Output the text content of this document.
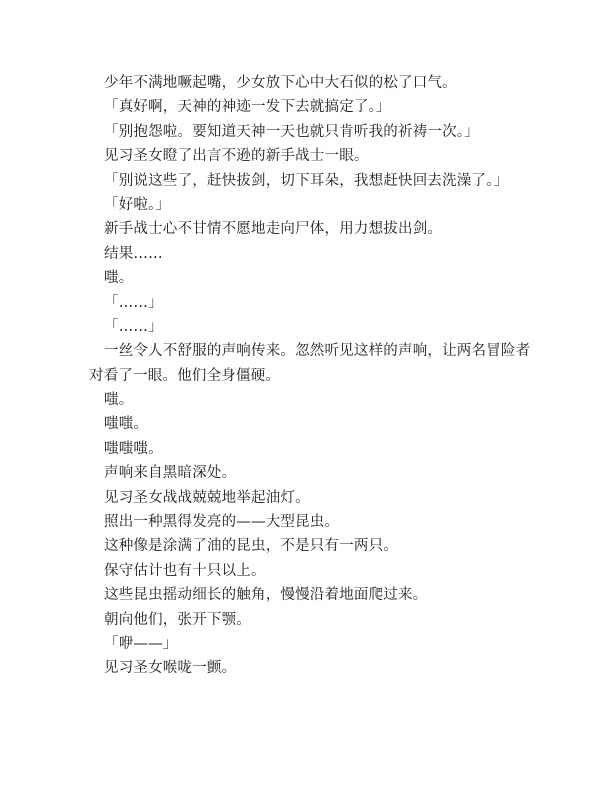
少年不满地噘起嘴，少女放下心中大石似的松了口气。

「真好啊，天神的神迹一发下去就搞定了。」

「别抱怨啦。要知道天神一天也就只肯听我的祈祷一次。」

见习圣女瞪了出言不逊的新手战士一眼。

「别说这些了，赶快拔剑，切下耳朵，我想赶快回去洗澡了。」

「好啦。」

新手战士心不甘情不愿地走向尸体，用力想拔出剑。

结果……

嗤。

「……」

「……」

一丝令人不舒服的声响传来。忽然听见这样的声响，让两名冒险者
对看了一眼。他们全身僵硬。

嗤。

嗤嗤。

嗤嗤嗤。

声响来自黑暗深处。

见习圣女战战兢兢地举起油灯。

照出一种黑得发亮的——大型昆虫。

这种像是涂满了油的昆虫，不是只有一两只。

保守估计也有十只以上。

这些昆虫摇动细长的触角，慢慢沿着地面爬过来。

朝向他们，张开下颚。

「咿——」

见习圣女喉咙一颤。
